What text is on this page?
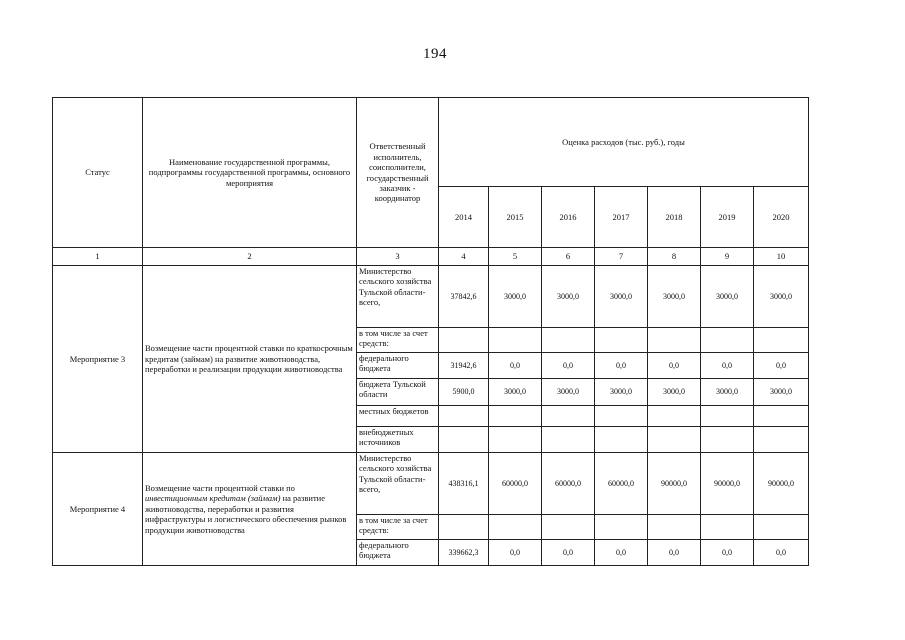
194
Статус	Наименование государственной программы, подпрограммы государственной программы, основного мероприятия	Ответственный исполнитель, соисполнители, государственный заказчик - координатор	Оценка расходов (тыс. руб.), годы						
			2014	2015	2016	2017	2018	2019	2020
1	2	3	4	5	6	7	8	9	10
Мероприятие 3	Возмещение части процентной ставки по краткосрочным кредитам (займам) на развитие животноводства, переработки и реализации продукции животноводства	Министерство сельского хозяйства Тульской области- всего,	37842,6	3000,0	3000,0	3000,0	3000,0	3000,0	3000,0
		в том числе за счет средств:							
		федерального бюджета	31942,6	0,0	0,0	0,0	0,0	0,0	0,0
		бюджета Тульской области	5900,0	3000,0	3000,0	3000,0	3000,0	3000,0	3000,0
		местных бюджетов							
		внебюджетных источников							
Мероприятие 4	Возмещение части процентной ставки по инвестиционным кредитам (займам) на развитие животноводства, переработки и развития инфраструктуры и логистического обеспечения рынков продукции животноводства	Министерство сельского хозяйства Тульской области- всего,	438316,1	60000,0	60000,0	60000,0	90000,0	90000,0	90000,0
		в том числе за счет средств:							
		федерального бюджета	339662,3	0,0	0,0	0,0	0,0	0,0	0,0
